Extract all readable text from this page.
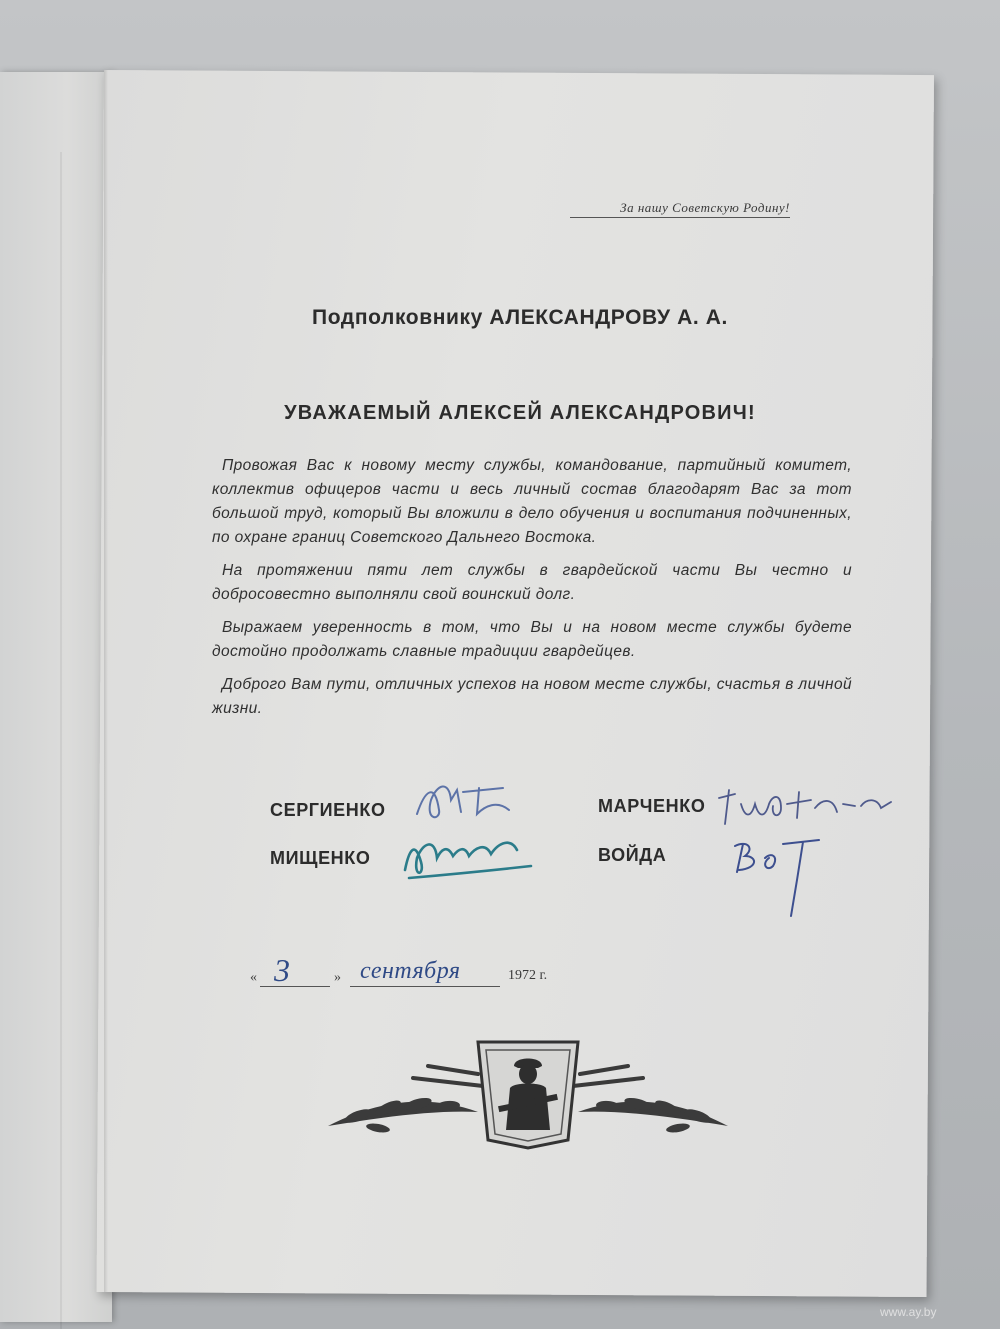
За нашу Советскую Родину!
Подполковнику АЛЕКСАНДРОВУ А. А.
УВАЖАЕМЫЙ АЛЕКСЕЙ АЛЕКСАНДРОВИЧ!

Провожая Вас к новому месту службы, командование, партийный комитет, коллектив офицеров части и весь личный состав благодарят Вас за тот большой труд, который Вы вложили в дело обучения и воспитания подчиненных, по охране границ Советского Дальнего Востока.

На протяжении пяти лет службы в гвардейской части Вы честно и добросовестно выполняли свой воинский долг.

Выражаем уверенность в том, что Вы и на новом месте службы будете достойно продолжать славные традиции гвардейцев.

Доброго Вам пути, отличных успехов на новом месте службы, счастья в личной жизни.

СЕРГИЕНКО
МИЩЕНКО
МАРЧЕНКО
ВОЙДА
« 3	» сентября	1972 г.
www.ay.by
